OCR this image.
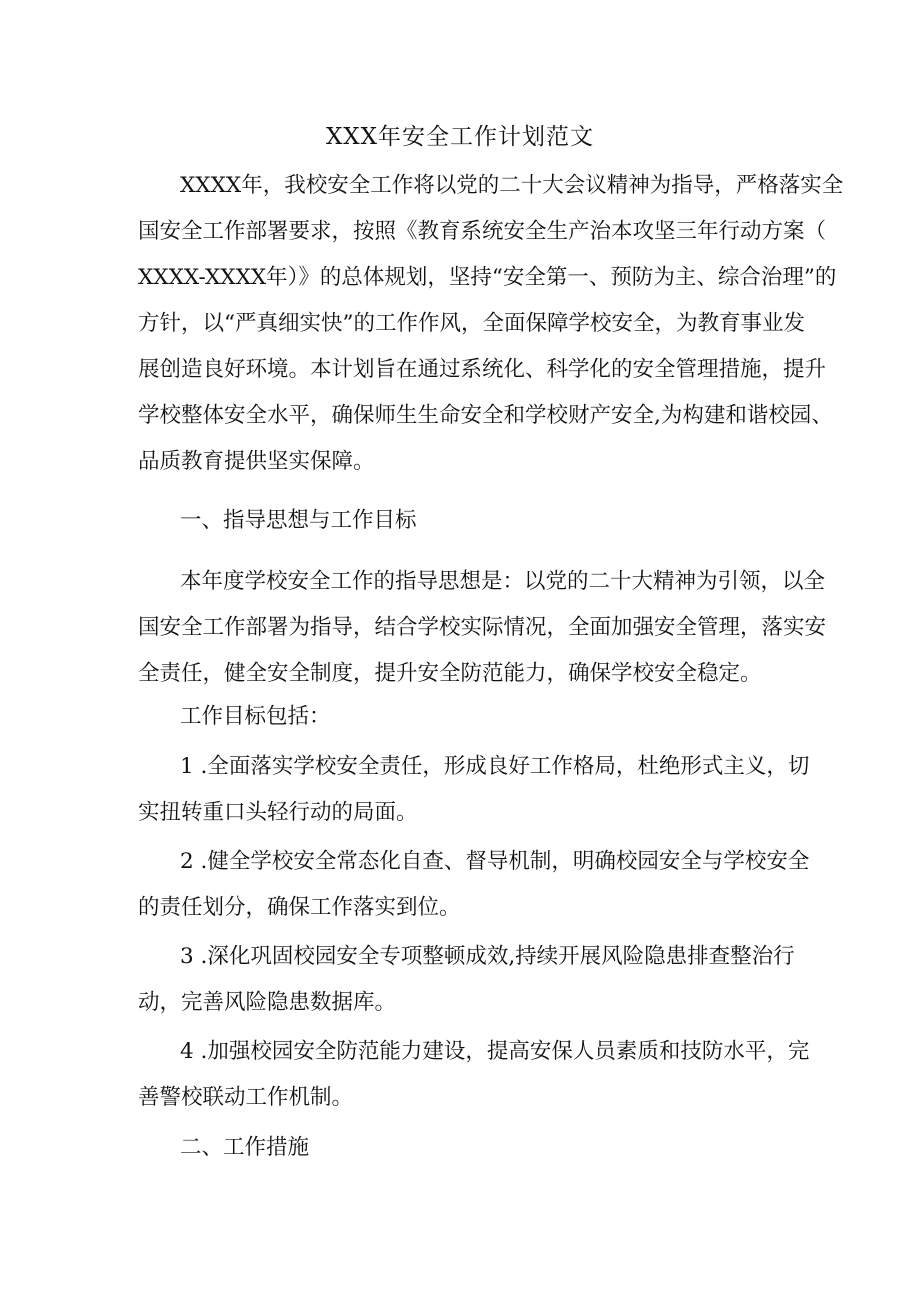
XXX年安全工作计划范文
XXXX年，我校安全工作将以党的二十大会议精神为指导，严格落实全
国安全工作部署要求，按照《教育系统安全生产治本攻坚三年行动方案（
XXXX-XXXX年）》的总体规划，坚持“安全第一、预防为主、综合治理”的
方针，以“严真细实快”的工作作风，全面保障学校安全，为教育事业发
展创造良好环境。本计划旨在通过系统化、科学化的安全管理措施，提升
学校整体安全水平，确保师生生命安全和学校财产安全,为构建和谐校园、
品质教育提供坚实保障。
一、指导思想与工作目标
本年度学校安全工作的指导思想是：以党的二十大精神为引领，以全
国安全工作部署为指导，结合学校实际情况，全面加强安全管理，落实安
全责任，健全安全制度，提升安全防范能力，确保学校安全稳定。
工作目标包括：
1 .全面落实学校安全责任，形成良好工作格局，杜绝形式主义，切
实扭转重口头轻行动的局面。
2 .健全学校安全常态化自查、督导机制，明确校园安全与学校安全
的责任划分，确保工作落实到位。
3 .深化巩固校园安全专项整顿成效,持续开展风险隐患排查整治行
动，完善风险隐患数据库。
4 .加强校园安全防范能力建设，提高安保人员素质和技防水平，完
善警校联动工作机制。
二、工作措施
